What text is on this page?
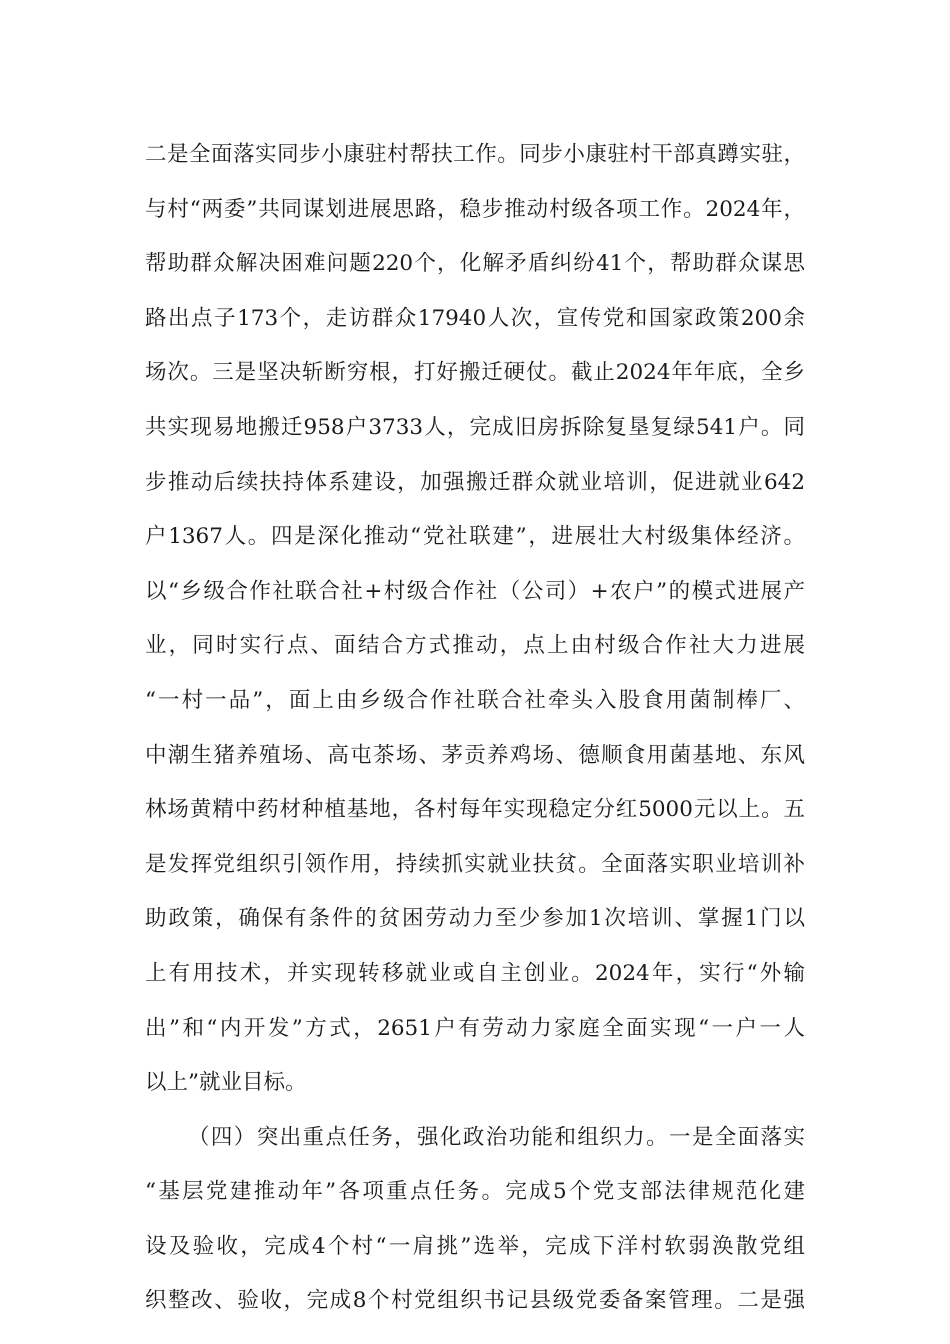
二是全面落实同步小康驻村帮扶工作。同步小康驻村干部真蹲实驻，
与村“两委”共同谋划进展思路，稳步推动村级各项工作。2024年，
帮助群众解决困难问题220个，化解矛盾纠纷41个，帮助群众谋思
路出点子173个，走访群众17940人次，宣传党和国家政策200余
场次。三是坚决斩断穷根，打好搬迁硬仗。截止2024年年底，全乡
共实现易地搬迁958户3733人，完成旧房拆除复垦复绿541户。同
步推动后续扶持体系建设，加强搬迁群众就业培训，促进就业642
户1367人。四是深化推动“党社联建”，进展壮大村级集体经济。
以“乡级合作社联合社+村级合作社（公司）+农户”的模式进展产
业，同时实行点、面结合方式推动，点上由村级合作社大力进展
“一村一品”，面上由乡级合作社联合社牵头入股食用菌制棒厂、
中潮生猪养殖场、高屯茶场、茅贡养鸡场、德顺食用菌基地、东风
林场黄精中药材种植基地，各村每年实现稳定分红5000元以上。五
是发挥党组织引领作用，持续抓实就业扶贫。全面落实职业培训补
助政策，确保有条件的贫困劳动力至少参加1次培训、掌握1门以
上有用技术，并实现转移就业或自主创业。2024年，实行“外输
出”和“内开发”方式，2651户有劳动力家庭全面实现“一户一人
以上”就业目标。
（四）突出重点任务，强化政治功能和组织力。一是全面落实
“基层党建推动年”各项重点任务。完成5个党支部法律规范化建
设及验收，完成4个村“一肩挑”选举，完成下洋村软弱涣散党组
织整改、验收，完成8个村党组织书记县级党委备案管理。二是强
